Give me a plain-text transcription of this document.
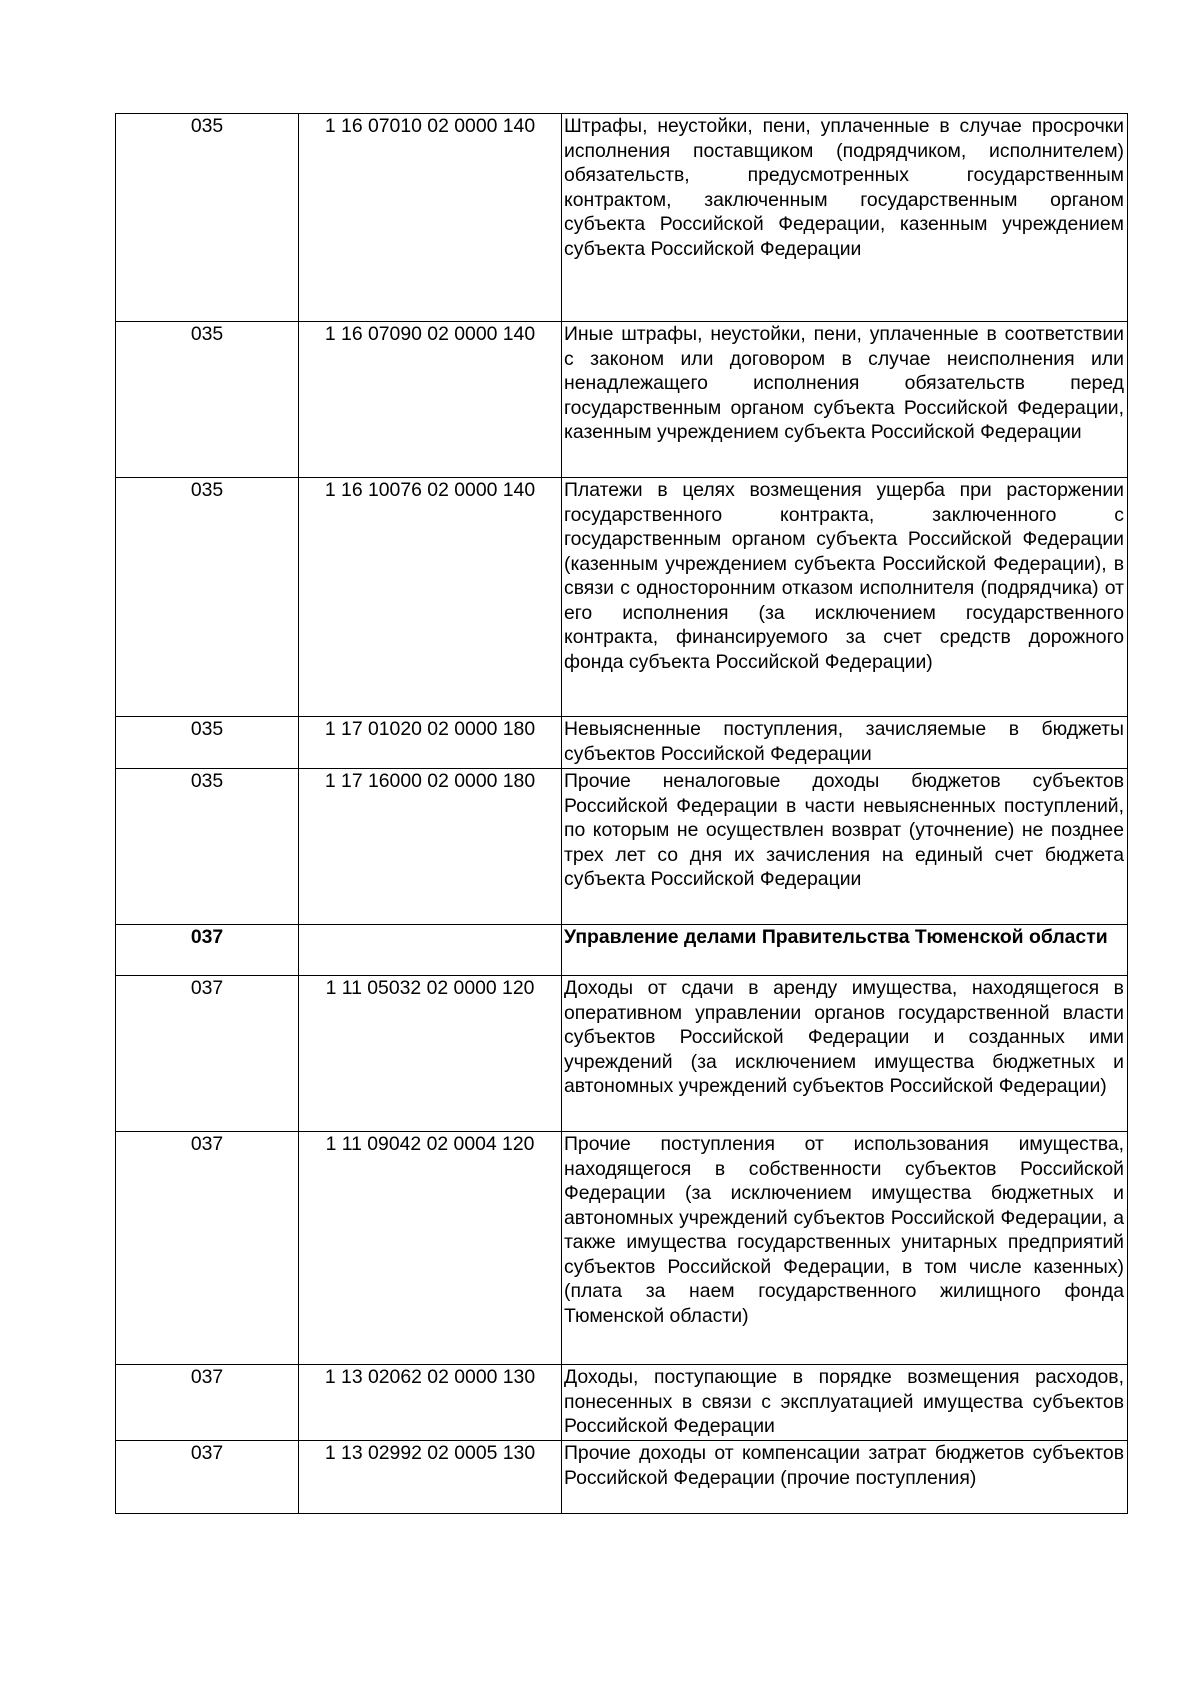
035	1 16 07010 02 0000 140	Штрафы, неустойки, пени, уплаченные в случае просрочки исполнения поставщиком (подрядчиком, исполнителем) обязательств, предусмотренных государственным контрактом, заключенным государственным органом субъекта Российской Федерации, казенным учреждением субъекта Российской Федерации
035	1 16 07090 02 0000 140	Иные штрафы, неустойки, пени, уплаченные в соответствии с законом или договором в случае неисполнения или ненадлежащего исполнения обязательств перед государственным органом субъекта Российской Федерации, казенным учреждением субъекта Российской Федерации
035	1 16 10076 02 0000 140	Платежи в целях возмещения ущерба при расторжении государственного контракта, заключенного с государственным органом субъекта Российской Федерации (казенным учреждением субъекта Российской Федерации), в связи с односторонним отказом исполнителя (подрядчика) от его исполнения (за исключением государственного контракта, финансируемого за счет средств дорожного фонда субъекта Российской Федерации)
035	1 17 01020 02 0000 180	Невыясненные поступления, зачисляемые в бюджеты субъектов Российской Федерации
035	1 17 16000 02 0000 180	Прочие неналоговые доходы бюджетов субъектов Российской Федерации в части невыясненных поступлений, по которым не осуществлен возврат (уточнение) не позднее трех лет со дня их зачисления на единый счет бюджета субъекта Российской Федерации
037		Управление делами Правительства Тюменской области
037	1 11 05032 02 0000 120	Доходы от сдачи в аренду имущества, находящегося в оперативном управлении органов государственной власти субъектов Российской Федерации и созданных ими учреждений (за исключением имущества бюджетных и автономных учреждений субъектов Российской Федерации)
037	1 11 09042 02 0004 120	Прочие поступления от использования имущества, находящегося в собственности субъектов Российской Федерации (за исключением имущества бюджетных и автономных учреждений субъектов Российской Федерации, а также имущества государственных унитарных предприятий субъектов Российской Федерации, в том числе казенных) (плата за наем государственного жилищного фонда Тюменской области)
037	1 13 02062 02 0000 130	Доходы, поступающие в порядке возмещения расходов, понесенных в связи с эксплуатацией имущества субъектов Российской Федерации
037	1 13 02992 02 0005 130	Прочие доходы от компенсации затрат бюджетов субъектов Российской Федерации (прочие поступления)
